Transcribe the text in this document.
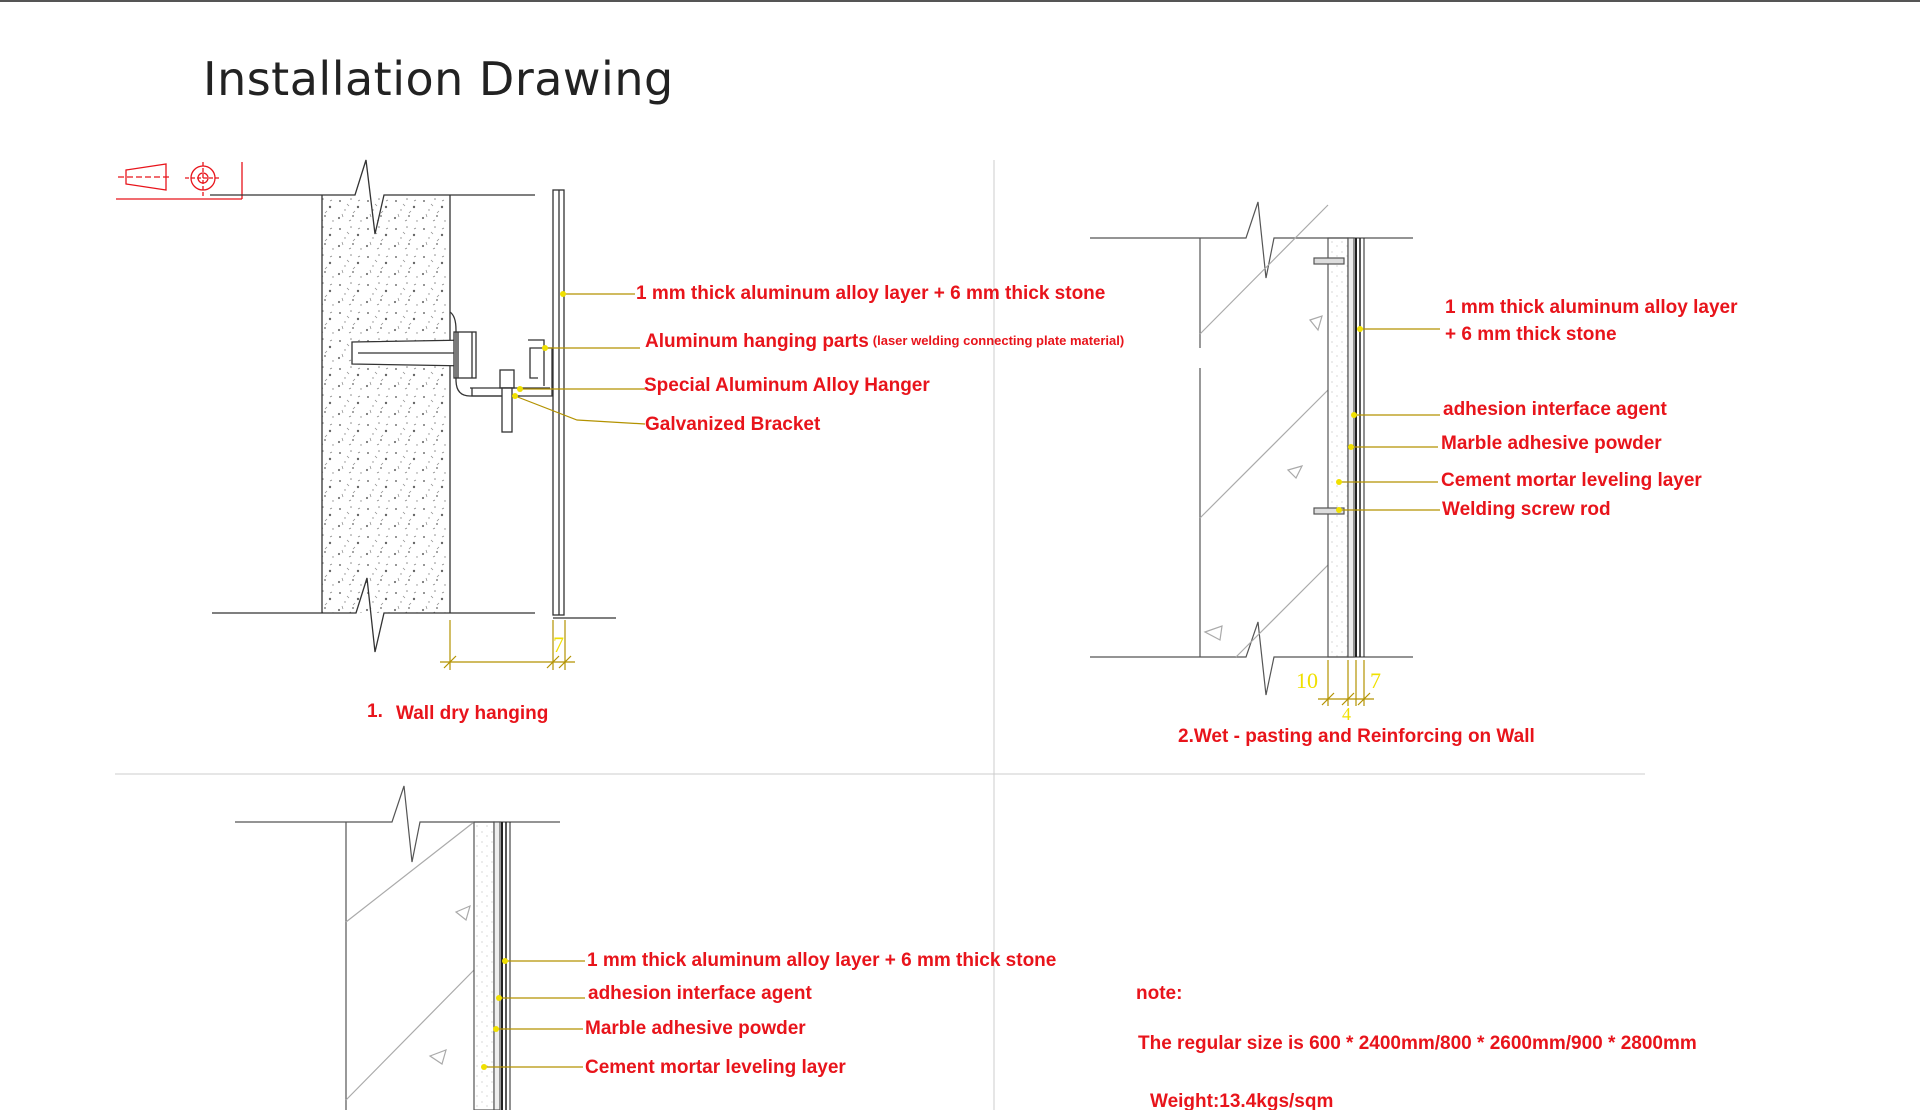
Installation Drawing
7
1 mm thick aluminum alloy layer + 6 mm thick stone
Aluminum hanging parts (laser welding connecting plate material)
Special Aluminum Alloy Hanger
Galvanized Bracket
1. Wall dry hanging
10 7
4
1 mm thick aluminum alloy layer
+ 6 mm thick stone
adhesion interface agent
Marble adhesive powder
Cement mortar leveling layer
Welding screw rod
2.Wet - pasting and Reinforcing on Wall
1 mm thick aluminum alloy layer + 6 mm thick stone
adhesion interface agent
Marble adhesive powder
Cement mortar leveling layer
note:
The regular size is 600 * 2400mm/800 * 2600mm/900 * 2800mm
Weight:13.4kgs/sqm
